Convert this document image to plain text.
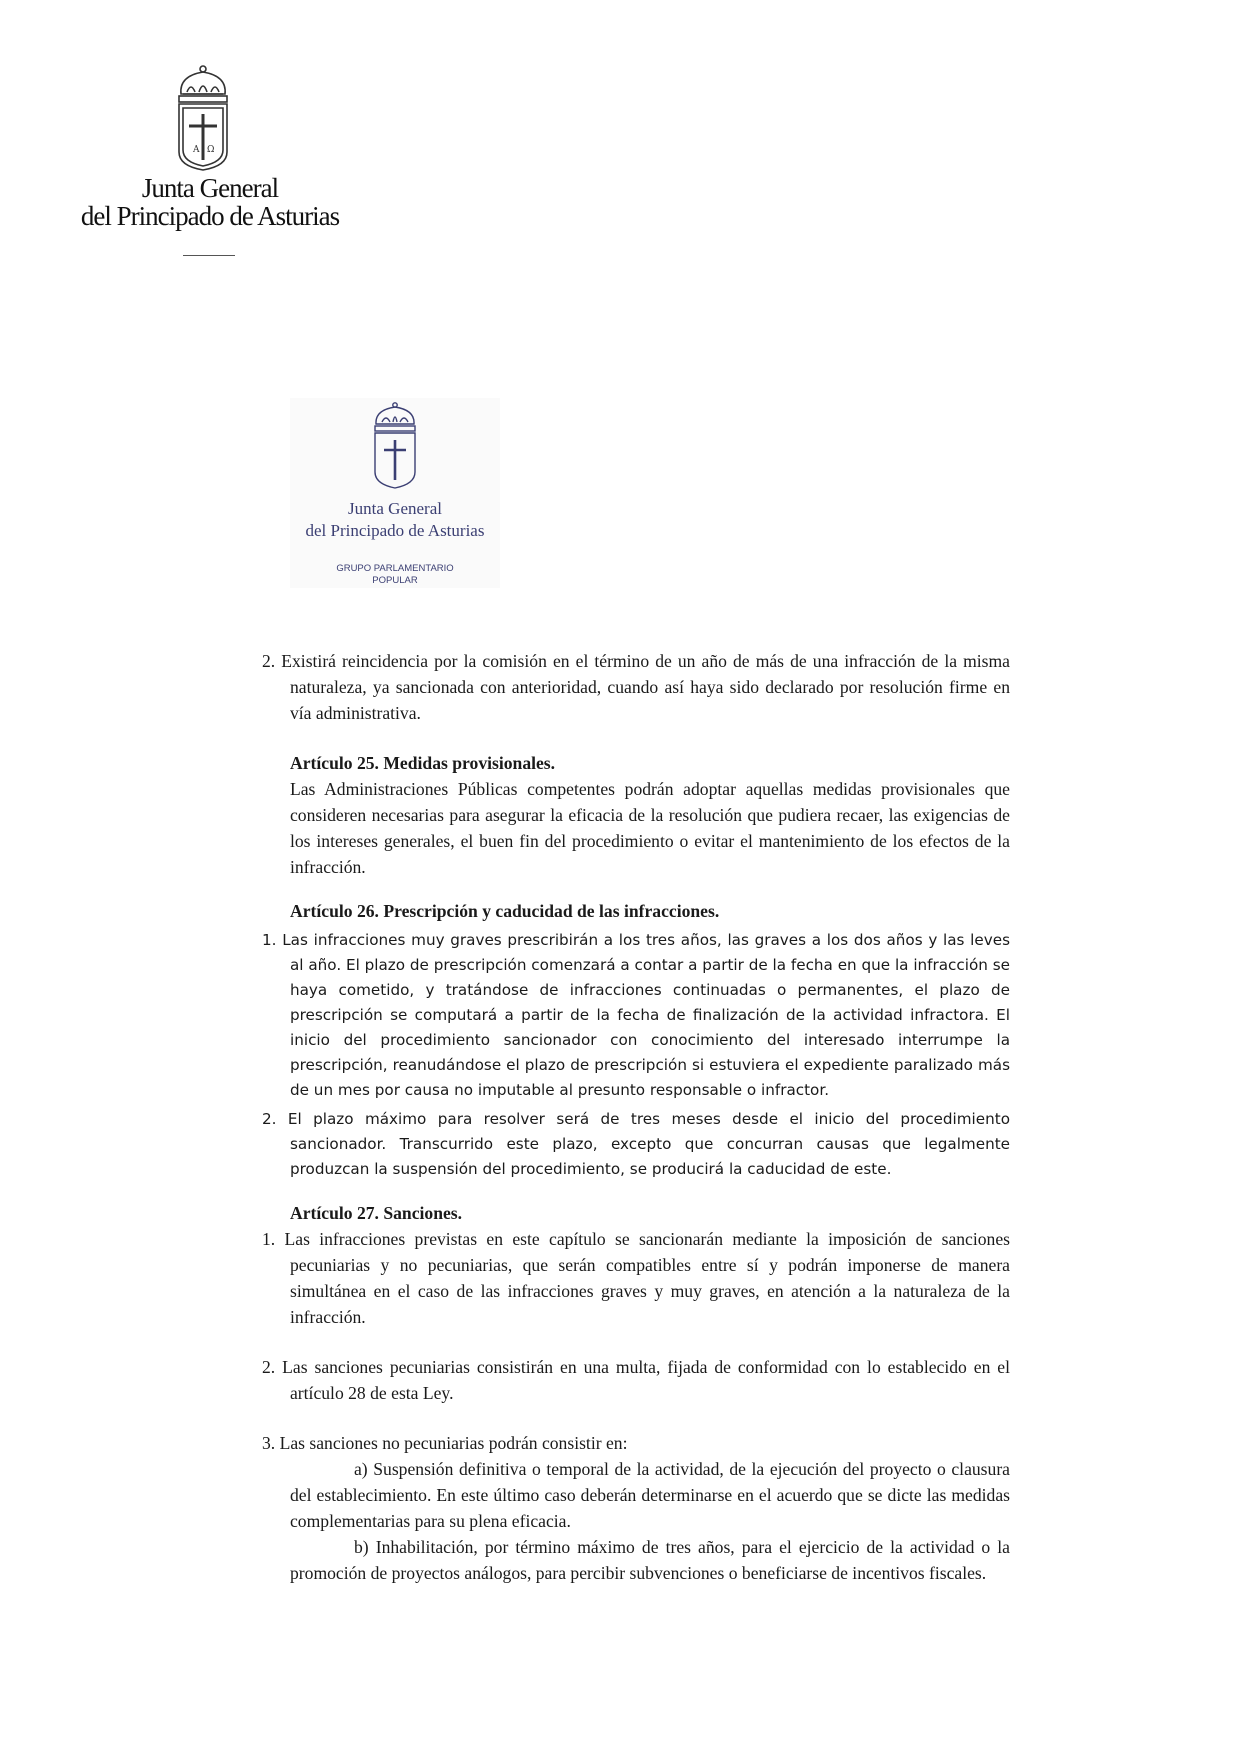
A Ω
Junta General
del Principado de Asturias
Junta General
del Principado de Asturias
GRUPO PARLAMENTARIO
POPULAR

2. Existirá reincidencia por la comisión en el término de un año de más de una infracción de la misma naturaleza, ya sancionada con anterioridad, cuando así haya sido declarado por resolución firme en vía administrativa.

Artículo 25. Medidas provisionales.

Las Administraciones Públicas competentes podrán adoptar aquellas medidas provisionales que consideren necesarias para asegurar la eficacia de la resolución que pudiera recaer, las exigencias de los intereses generales, el buen fin del procedimiento o evitar el mantenimiento de los efectos de la infracción.

Artículo 26. Prescripción y caducidad de las infracciones.

1. Las infracciones muy graves prescribirán a los tres años, las graves a los dos años y las leves al año. El plazo de prescripción comenzará a contar a partir de la fecha en que la infracción se haya cometido, y tratándose de infracciones continuadas o permanentes, el plazo de prescripción se computará a partir de la fecha de finalización de la actividad infractora. El inicio del procedimiento sancionador con conocimiento del interesado interrumpe la prescripción, reanudándose el plazo de prescripción si estuviera el expediente paralizado más de un mes por causa no imputable al presunto responsable o infractor.

2. El plazo máximo para resolver será de tres meses desde el inicio del procedimiento sancionador. Transcurrido este plazo, excepto que concurran causas que legalmente produzcan la suspensión del procedimiento, se producirá la caducidad de este.

Artículo 27. Sanciones.

1. Las infracciones previstas en este capítulo se sancionarán mediante la imposición de sanciones pecuniarias y no pecuniarias, que serán compatibles entre sí y podrán imponerse de manera simultánea en el caso de las infracciones graves y muy graves, en atención a la naturaleza de la infracción.

2. Las sanciones pecuniarias consistirán en una multa, fijada de conformidad con lo establecido en el artículo 28 de esta Ley.

3. Las sanciones no pecuniarias podrán consistir en:

a) Suspensión definitiva o temporal de la actividad, de la ejecución del proyecto o clausura del establecimiento. En este último caso deberán determinarse en el acuerdo que se dicte las medidas complementarias para su plena eficacia.

b) Inhabilitación, por término máximo de tres años, para el ejercicio de la actividad o la promoción de proyectos análogos, para percibir subvenciones o beneficiarse de incentivos fiscales.
